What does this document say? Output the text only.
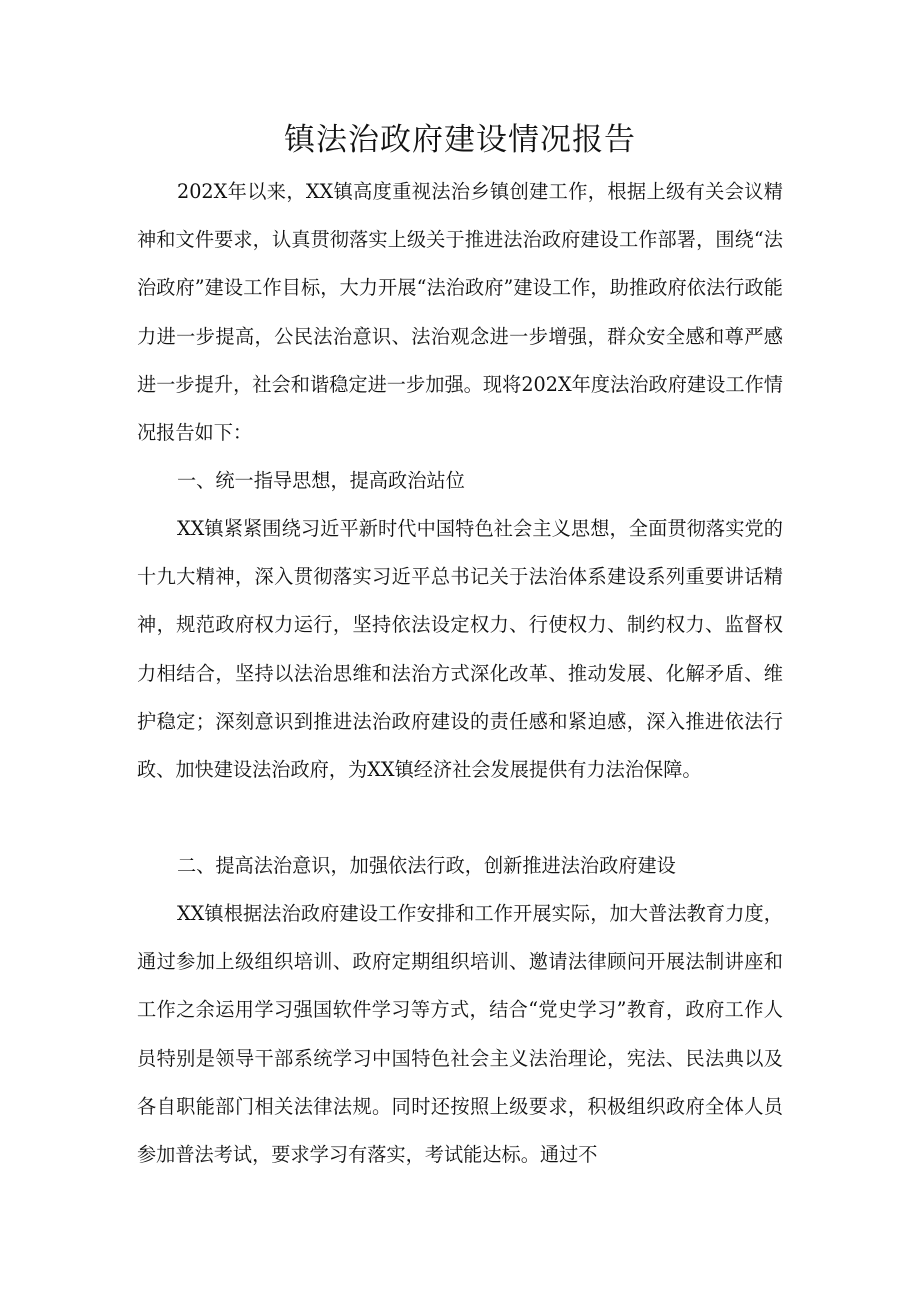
镇法治政府建设情况报告

202X年以来，XX镇高度重视法治乡镇创建工作，根据上级有关会议精神和文件要求，认真贯彻落实上级关于推进法治政府建设工作部署，围绕“法治政府”建设工作目标，大力开展“法治政府”建设工作，助推政府依法行政能力进一步提高，公民法治意识、法治观念进一步增强，群众安全感和尊严感进一步提升，社会和谐稳定进一步加强。现将202X年度法治政府建设工作情况报告如下：

一、统一指导思想，提高政治站位

XX镇紧紧围绕习近平新时代中国特色社会主义思想，全面贯彻落实党的十九大精神，深入贯彻落实习近平总书记关于法治体系建设系列重要讲话精神，规范政府权力运行，坚持依法设定权力、行使权力、制约权力、监督权力相结合，坚持以法治思维和法治方式深化改革、推动发展、化解矛盾、维护稳定；深刻意识到推进法治政府建设的责任感和紧迫感，深入推进依法行政、加快建设法治政府，为XX镇经济社会发展提供有力法治保障。

二、提高法治意识，加强依法行政，创新推进法治政府建设

XX镇根据法治政府建设工作安排和工作开展实际，加大普法教育力度，通过参加上级组织培训、政府定期组织培训、邀请法律顾问开展法制讲座和工作之余运用学习强国软件学习等方式，结合“党史学习”教育，政府工作人员特别是领导干部系统学习中国特色社会主义法治理论，宪法、民法典以及各自职能部门相关法律法规。同时还按照上级要求，积极组织政府全体人员参加普法考试，要求学习有落实，考试能达标。通过不
